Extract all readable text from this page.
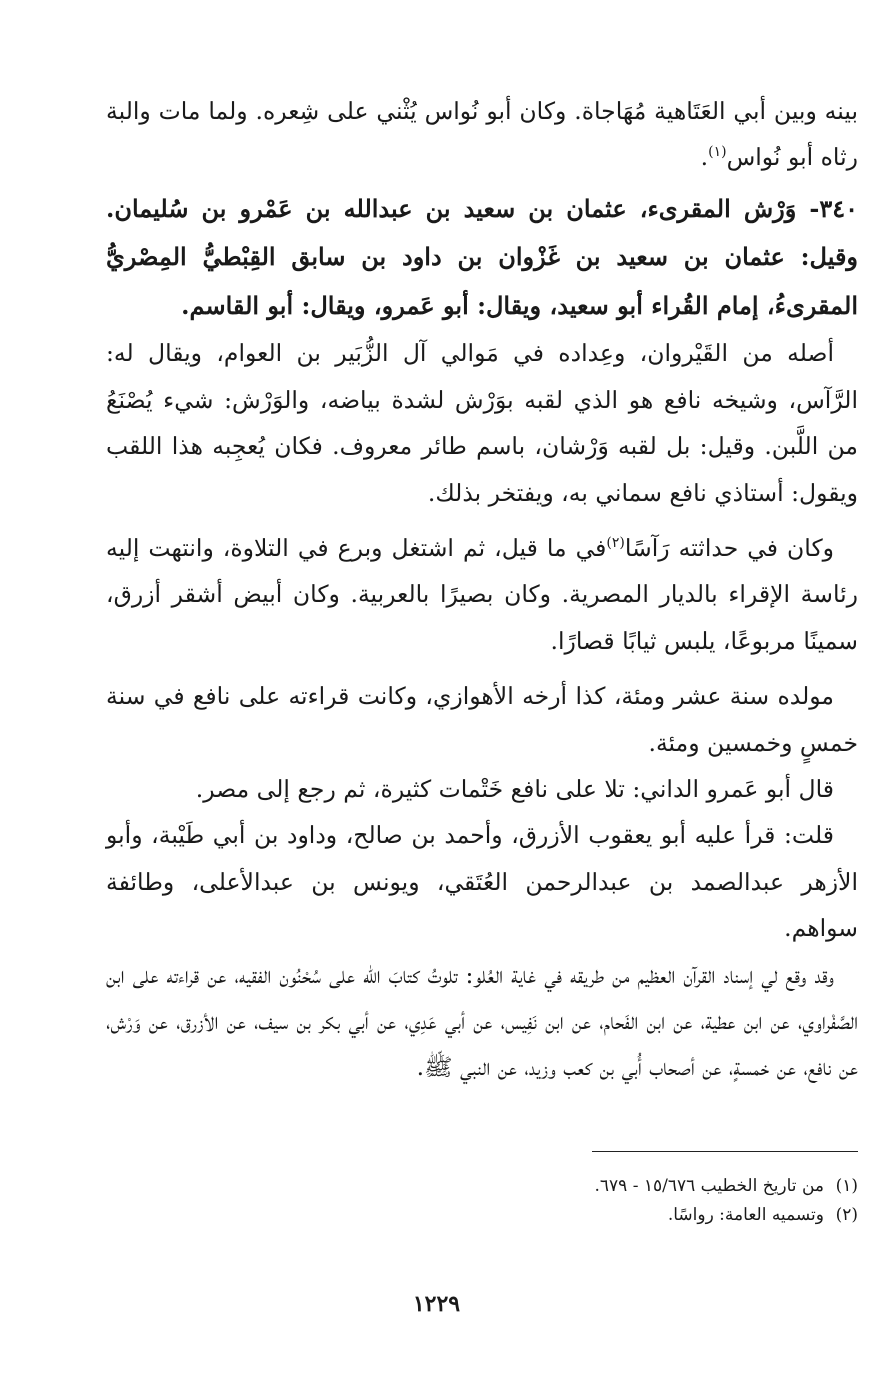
بينه وبين أبي العَتَاهية مُهَاجاة. وكان أبو نُواس يُثْني على شِعره. ولما مات والبة رثاه أبو نُواس$^{(١)}$.

٣٤٠- وَرْش المقرىء، عثمان بن سعيد بن عبدالله بن عَمْرو بن سُليمان. وقيل: عثمان بن سعيد بن غَزْوان بن داود بن سابق القِبْطيُّ المِصْريُّ المقرىءُ، إمام القُراء أبو سعيد، ويقال: أبو عَمرو، ويقال: أبو القاسم.

أصله من القَيْروان، وعِداده في مَوالي آل الزُّبَير بن العوام، ويقال له: الرَّآس، وشيخه نافع هو الذي لقبه بوَرْش لشدة بياضه، والوَرْش: شيء يُصْنَعُ من اللَّبن. وقيل: بل لقبه وَرْشان، باسم طائر معروف. فكان يُعجِبه هذا اللقب ويقول: أستاذي نافع سماني به، ويفتخر بذلك.

وكان في حداثته رَآسًا$^{(٢)}$في ما قيل، ثم اشتغل وبرع في التلاوة، وانتهت إليه رئاسة الإقراء بالديار المصرية. وكان بصيرًا بالعربية. وكان أبيض أشقر أزرق، سمينًا مربوعًا، يلبس ثيابًا قصارًا.

مولده سنة عشر ومئة، كذا أرخه الأهوازي، وكانت قراءته على نافع في سنة خمسٍ وخمسين ومئة.

قال أبو عَمرو الداني: تلا على نافع خَتْمات كثيرة، ثم رجع إلى مصر.

قلت: قرأ عليه أبو يعقوب الأزرق، وأحمد بن صالح، وداود بن أبي طَيْبة، وأبو الأزهر عبدالصمد بن عبدالرحمن العُتَقي، ويونس بن عبدالأعلى، وطائفة سواهم.

وقد وقع لي إسناد القرآن العظيم من طريقه في غاية العُلو: تلوتُ كتابَ الله على سُحْنُون الفقيه، عن قراءته على ابن الصَّفْراوي، عن ابن عطية، عن ابن الفَحام، عن ابن نَفِيس، عن أبي عَدِي، عن أبي بكر بن سيف، عن الأزرق، عن وَرْش، عن نافع، عن خمسةٍ، عن أصحاب أُبي بن كعب وزيد، عن النبي ﷺ.

(١)من تاريخ الخطيب ١٥/٦٧٦ - ٦٧٩.

(٢)وتسميه العامة: رواسًا.

١٢٢٩
